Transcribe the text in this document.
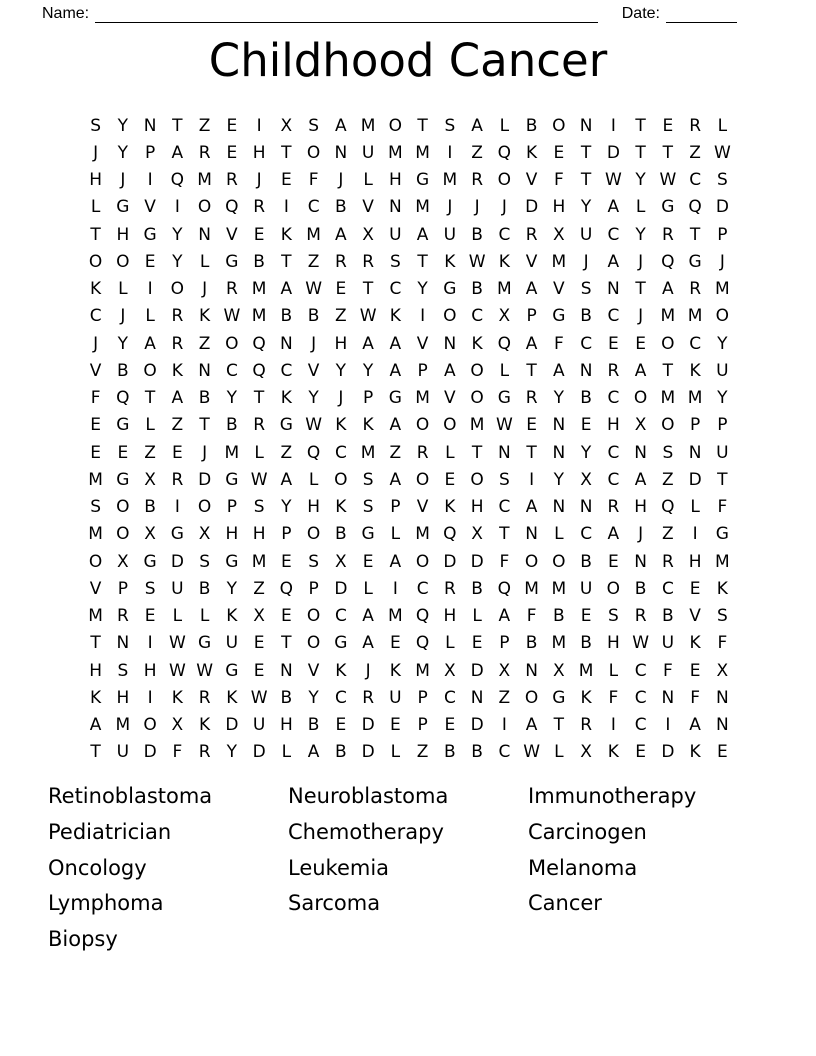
Name:	Date:
Childhood Cancer
S Y N T Z E	I	X S A M O T S A L B O N	I	T E R L
J	Y P A R E H T O N U M M	I	Z Q K E T D T T Z W
H	J	I	Q M R	J	E F	J	L H G M R O V F	T W Y W C S
L G V	I	O Q R	I	C B V N M	J	J	J	D H Y A L G Q D
T H G Y N V E K M A X U A U B C R X U C Y R T P
O O E Y	L G B T Z R R S T K W K V M	J	A	J	Q G	J
K L	I	O	J	R M A W E T C Y G B M A V S N T A R M
C	J	L R K W M B B Z W K	I	O C X P G B C	J	M M O
J	Y A R Z O Q N	J	H A A V N K Q A F C E E O C Y
V B O K N C Q C V Y Y A P A O L	T A N R A T K U
F Q T A B Y T K Y	J	P G M V O G R Y B C O M M Y
E G L Z T B R G W K K A O O M W E N E H X O P P
E E Z E	J	M L Z Q C M Z R L	T N T N Y C N S N U
M G X R D G W A L O S A O E O S	I	Y X C A Z D T
S O B	I	O P S Y H K S P V K H C A N N R H Q L	F
M O X G X H H P O B G L M Q X T N L C A	J	Z	I	G
O X G D S G M E S X E A O D D F O O B E N R H M
V P S U B Y Z Q P D L	I	C R B Q M M U O B C E K
M R E	L	L K X E O C A M Q H L A F B E S R B V S
T N	I W G U E T O G A E Q L	E P B M B H W U K F
H S H W W G E N V K	J	K M X D X N X M L C F E X
K H	I	K R K W B Y C R U P C N Z O G K F C N F N
A M O X K D U H B E D E P E D	I	A T R	I	C	I	A N
T U D F R Y D L A B D L Z B B C W L X K E D K E
Retinoblastoma
Pediatrician
Oncology
Lymphoma
Biopsy
Neuroblastoma
Chemotherapy
Leukemia
Sarcoma
Immunotherapy
Carcinogen
Melanoma
Cancer
